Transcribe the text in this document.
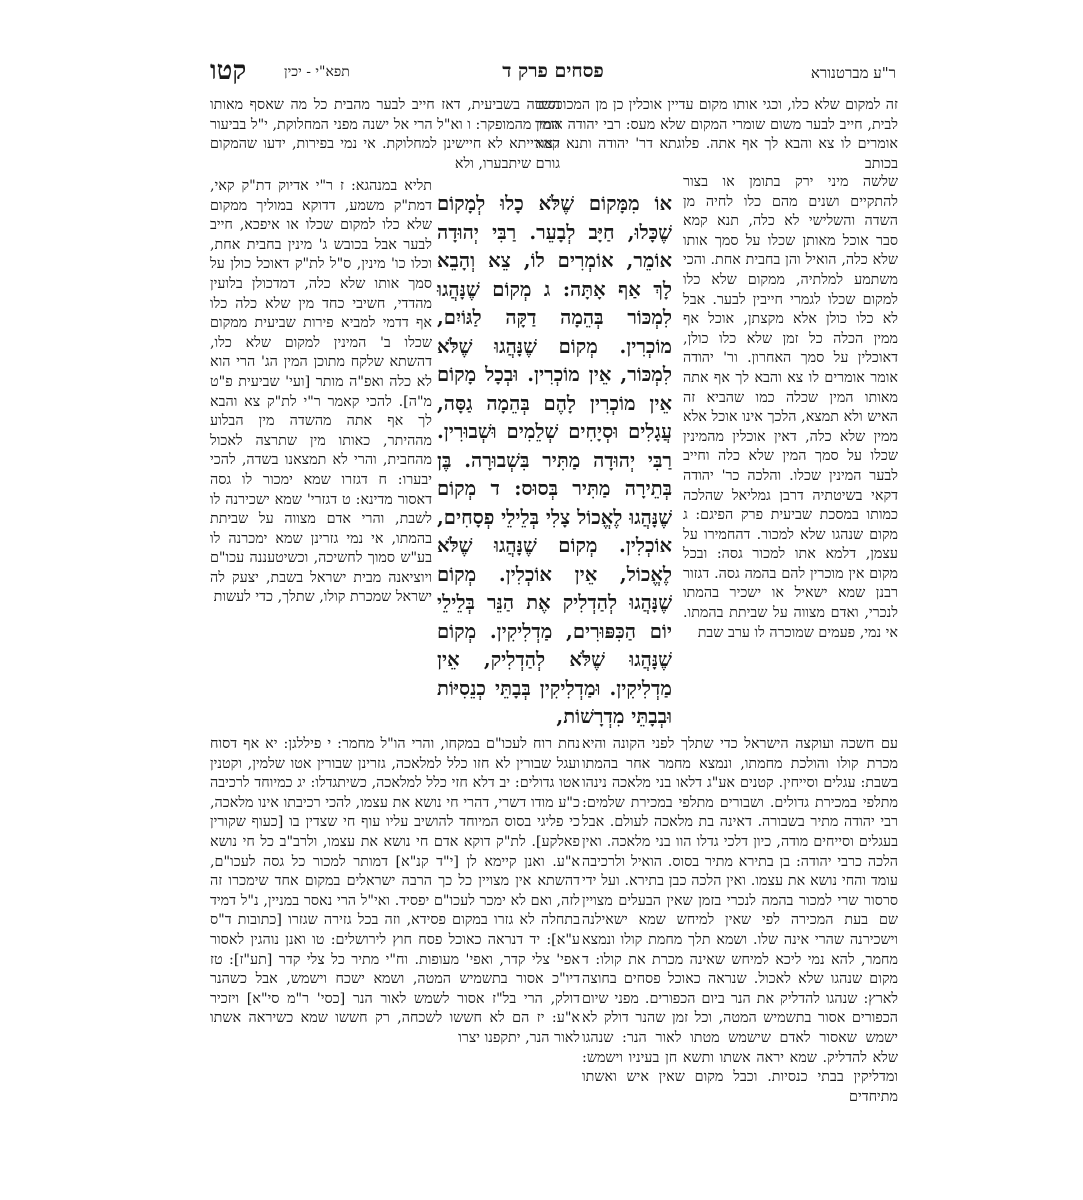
ר"ע מברטנורא
פסחים פרק ד
תפא"י - יכין
קטו

זה למקום שלא כלו, וכגי אותו מקום עדיין אוכלין כן מן המכוכסים לבית, חייב לבער משום שומרי המקום שלא מעס: רבי יהודה אומר אומרים לו צא והבא לך אף אתה. פלוגתא דר' יהודה ותנא קמא בכותב

שלשה מיני ירק בתומן או בצור להתקיים ושנים מהם כלו לחיה מן השדה והשלישי לא כלה, תנא קמא סבר אוכל מאותן שכלו על סמך אותו שלא כלה, הואיל והן בחבית אחת. והכי משתמע למלתיה, ממקום שלא כלו למקום שכלו לגמרי חייבין לבער. אבל לא כלו כולן אלא מקצתן, אוכל אף ממין הכלה כל זמן שלא כלו כולן, דאוכלין על סמך האחרון. ור' יהודה אומר אומרים לו צא והבא לך אף אתה מאותו המין שכלה כמו שהביא זה האיש ולא תמצא, הלכך אינו אוכל אלא ממין שלא כלה, דאין אוכלין מהמינין שכלו על סמך המין שלא כלה וחייב לבער המינין שכלו. והלכה כר' יהודה דקאי בשיטתיה דרבן גמליאל שהלכה כמותו במסכת שביעית פרק הפיגם: ג מקום שנהגו שלא למכור. דהחמירו על עצמן, דלמא אתו למכור גסה: ובכל מקום אין מוכרין להם בהמה גסה. דגזור רבנן שמא ישאיל או ישכיר בהמתו לנכרי, ואדם מצווה על שביתת בהמתו. אי נמי, פעמים שמוכרה לו ערב שבת

השדה בשביעית, דאז חייב לבער מהבית כל מה שאסף מאותו המין מהמופקר: ו וא"ל הרי אל ישנה מפני המחלוקת, י"ל בביעור דאורייתא לא חיישינן למחלוקת. אי נמי בפירות, ידעו שהמקום גורם שיתבערו, ולא

תליא במנהגא: ז ר"י אדיוק דת"ק קאי, דמת"ק משמע, דדוקא במוליך ממקום שלא כלו למקום שכלו או איפכא, חייב לבער אבל בכובש ג' מינין בחבית אחת, וכלו כו' מינין, ס"ל לת"ק דאוכל כולן על סמך אותו שלא כלה, דמדכולן בלועין מהדדי, חשיבי כחד מין שלא כלה כלו אף דדמי למביא פירות שביעית ממקום שכלו ב' המינין למקום שלא כלו, דהשתא שלקח מתוכן המין הג' הרי הוא לא כלה ואפ"ה מותר [ועי' שביעית פ"ט מ"ה]. להכי קאמר ר"י לת"ק צא והבא לך אף אתה מהשדה מין הבלוע מההיתר, כאותו מין שתרצה לאכול מהחבית, והרי לא תמצאנו בשדה, להכי יבערו: ח דגזרו שמא ימכור לו גסה דאסור מדינא: ט דגזרי' שמא ישכירנה לו לשבת, והרי אדם מצווה על שביתת בהמתו, אי נמי גזרינן שמא ימכרנה לו בע"ש סמוך לחשיכה, וכשיטעננה עכו"ם ויוציאנה מבית ישראל בשבת, יצעק לה ישראל שמכרת קולו, שתלך, כדי לעשות

אוֹ מִמָּקוֹם שֶׁלֹּא כָלוּ לְמָקוֹם שֶׁכָּלוּ, חַיָּב לְבָעֵר. רַבִּי יְהוּדָה אוֹמֵר, אוֹמְרִים לוֹ, צֵא וְהָבֵא לָךְ אַף אָתָּה: ג מְקוֹם שֶׁנָּהֲגוּ לִמְכּוֹר בְּהֵמָה דַקָּה לַגּוֹיִם, מוֹכְרִין. מְקוֹם שֶׁנָּהֲגוּ שֶׁלֹּא לִמְכּוֹר, אֵין מוֹכְרִין. וּבְכָל מָקוֹם אֵין מוֹכְרִין לָהֶם בְּהֵמָה גַסָּה, עֲגָלִים וּסְיָחִים שְׁלֵמִים וּשְׁבוּרִין. רַבִּי יְהוּדָה מַתִּיר בִּשְׁבוּרָה. בֶּן בְּתֵירָה מַתִּיר בְּסוּס: ד מְקוֹם שֶׁנָּהֲגוּ לֶאֱכוֹל צָלִי בְּלֵילֵי פְסָחִים, אוֹכְלִין. מְקוֹם שֶׁנָּהֲגוּ שֶׁלֹּא לֶאֱכוֹל, אֵין אוֹכְלִין. מְקוֹם שֶׁנָּהֲגוּ לְהַדְלִיק אֶת הַנֵּר בְּלֵילֵי יוֹם הַכִּפּוּרִים, מַדְלִיקִין. מְקוֹם שֶׁנָּהֲגוּ שֶׁלֹּא לְהַדְלִיק, אֵין מַדְלִיקִין. וּמַדְלִיקִין בְּבָתֵּי כְנֵסִיּוֹת וּבְבָתֵּי מִדְרָשׁוֹת,

עם חשכה ועוקצה הישראל כדי שתלך לפני הקונה והיא מכרת קולו והולכת מחמתו, ונמצא מחמר אחר בהמתו בשבת: עגלים וסייחין. קטנים אע"ג דלאו בני מלאכה נינהו מתלפי במכירת גדולים. ושבורים מתלפי במכירת שלמים: רבי יהודה מתיר בשבורה. דאינה בת מלאכה לעולם. אבל בעגלים וסייחים מודה, כיון דלכי גדלו הוו בני מלאכה. ואין הלכה כרבי יהודה: בן בתירא מתיר בסוס. הואיל ולרכיבה עומד והחי נושא את עצמו. ואין הלכה כבן בתירא. ועל ידי סרסור שרי למכור בהמה לנכרי בזמן שאין הבעלים מצויין שם בעת המכירה לפי שאין למיחש שמא ישאילנה וישכירנה שהרי אינה שלו. ושמא תלך מחמת קולו ונמצא מחמר, להא נמי ליכא למיחש שאינה מכרת את קולו: ד מקום שנהגו שלא לאכול. שנראה כאוכל פסחים בחוצה לארץ: שנהגו להדליק את הנר ביום הכפורים. מפני שיום הכפורים אסור בתשמיש המטה, וכל זמן שהנר דולק לא ישמש שאסור לאדם שישמש מטתו לאור הנר: שנהגו שלא להדליק. שמא יראה אשתו ותשא חן בעיניו וישמש: ומדליקין בבתי כנסיות. וכבל מקום שאין איש ואשתו מתיחדים

נחת רוח לעכו"ם במקחו, והרי הו"ל מחמר: י פיללגן: יא אף דסוח ועגל שבורין לא חזו כלל למלאכה, גזרינן שבורין אטו שלמין, וקטנין אטו גדולים: יב דלא חזי כלל למלאכה, כשיתגדלו: יג כמיוחד לרכיבה כ"ע מודו דשרי, דהרי חי נושא את עצמו, להכי רכיבתו אינו מלאכה, כי פליגי בסוס המיוחד להושיב עליו עוף חי שצדין בו [כעוף שקורין פאלקע]. לת"ק דוקא אדם חי נושא את עצמו, ולרב"ב כל חי נושא א"ע. ואנן קיימא לן [י"ד קנ"א] דמותר למכור כל גסה לעכו"ם, דהשתא אין מצויין כל כך הרבה ישראלים במקום אחד שימכרו זה לזה, ואם לא ימכר לעכו"ם יפסיד. ואי"ל הרי נאסר במניין, נ"ל דמיד בתחלה לא גזרו במקום פסידא, וזה בכל גזירה שגזרו [כתובות ד"ס ע"א]: יד דנראה כאוכל פסח חוץ לירושלים: טו ואנן נוהגין לאסור אפי' צלי קדר, ואפי' מעופות. וח"י מתיר כל צלי קדר [תע"ז]: טז דיו"כ אסור בתשמיש המטה, ושמא ישכח וישמש, אבל כשהנר דולק, הרי בל"ז אסור לשמש לאור הנר [כסי' ר"מ סי"א] ויזכיר א"ע: יז הם לא חששו לשכחה, רק חששו שמא כשיראה אשתו לאור הנר, יתקפנו יצרו
